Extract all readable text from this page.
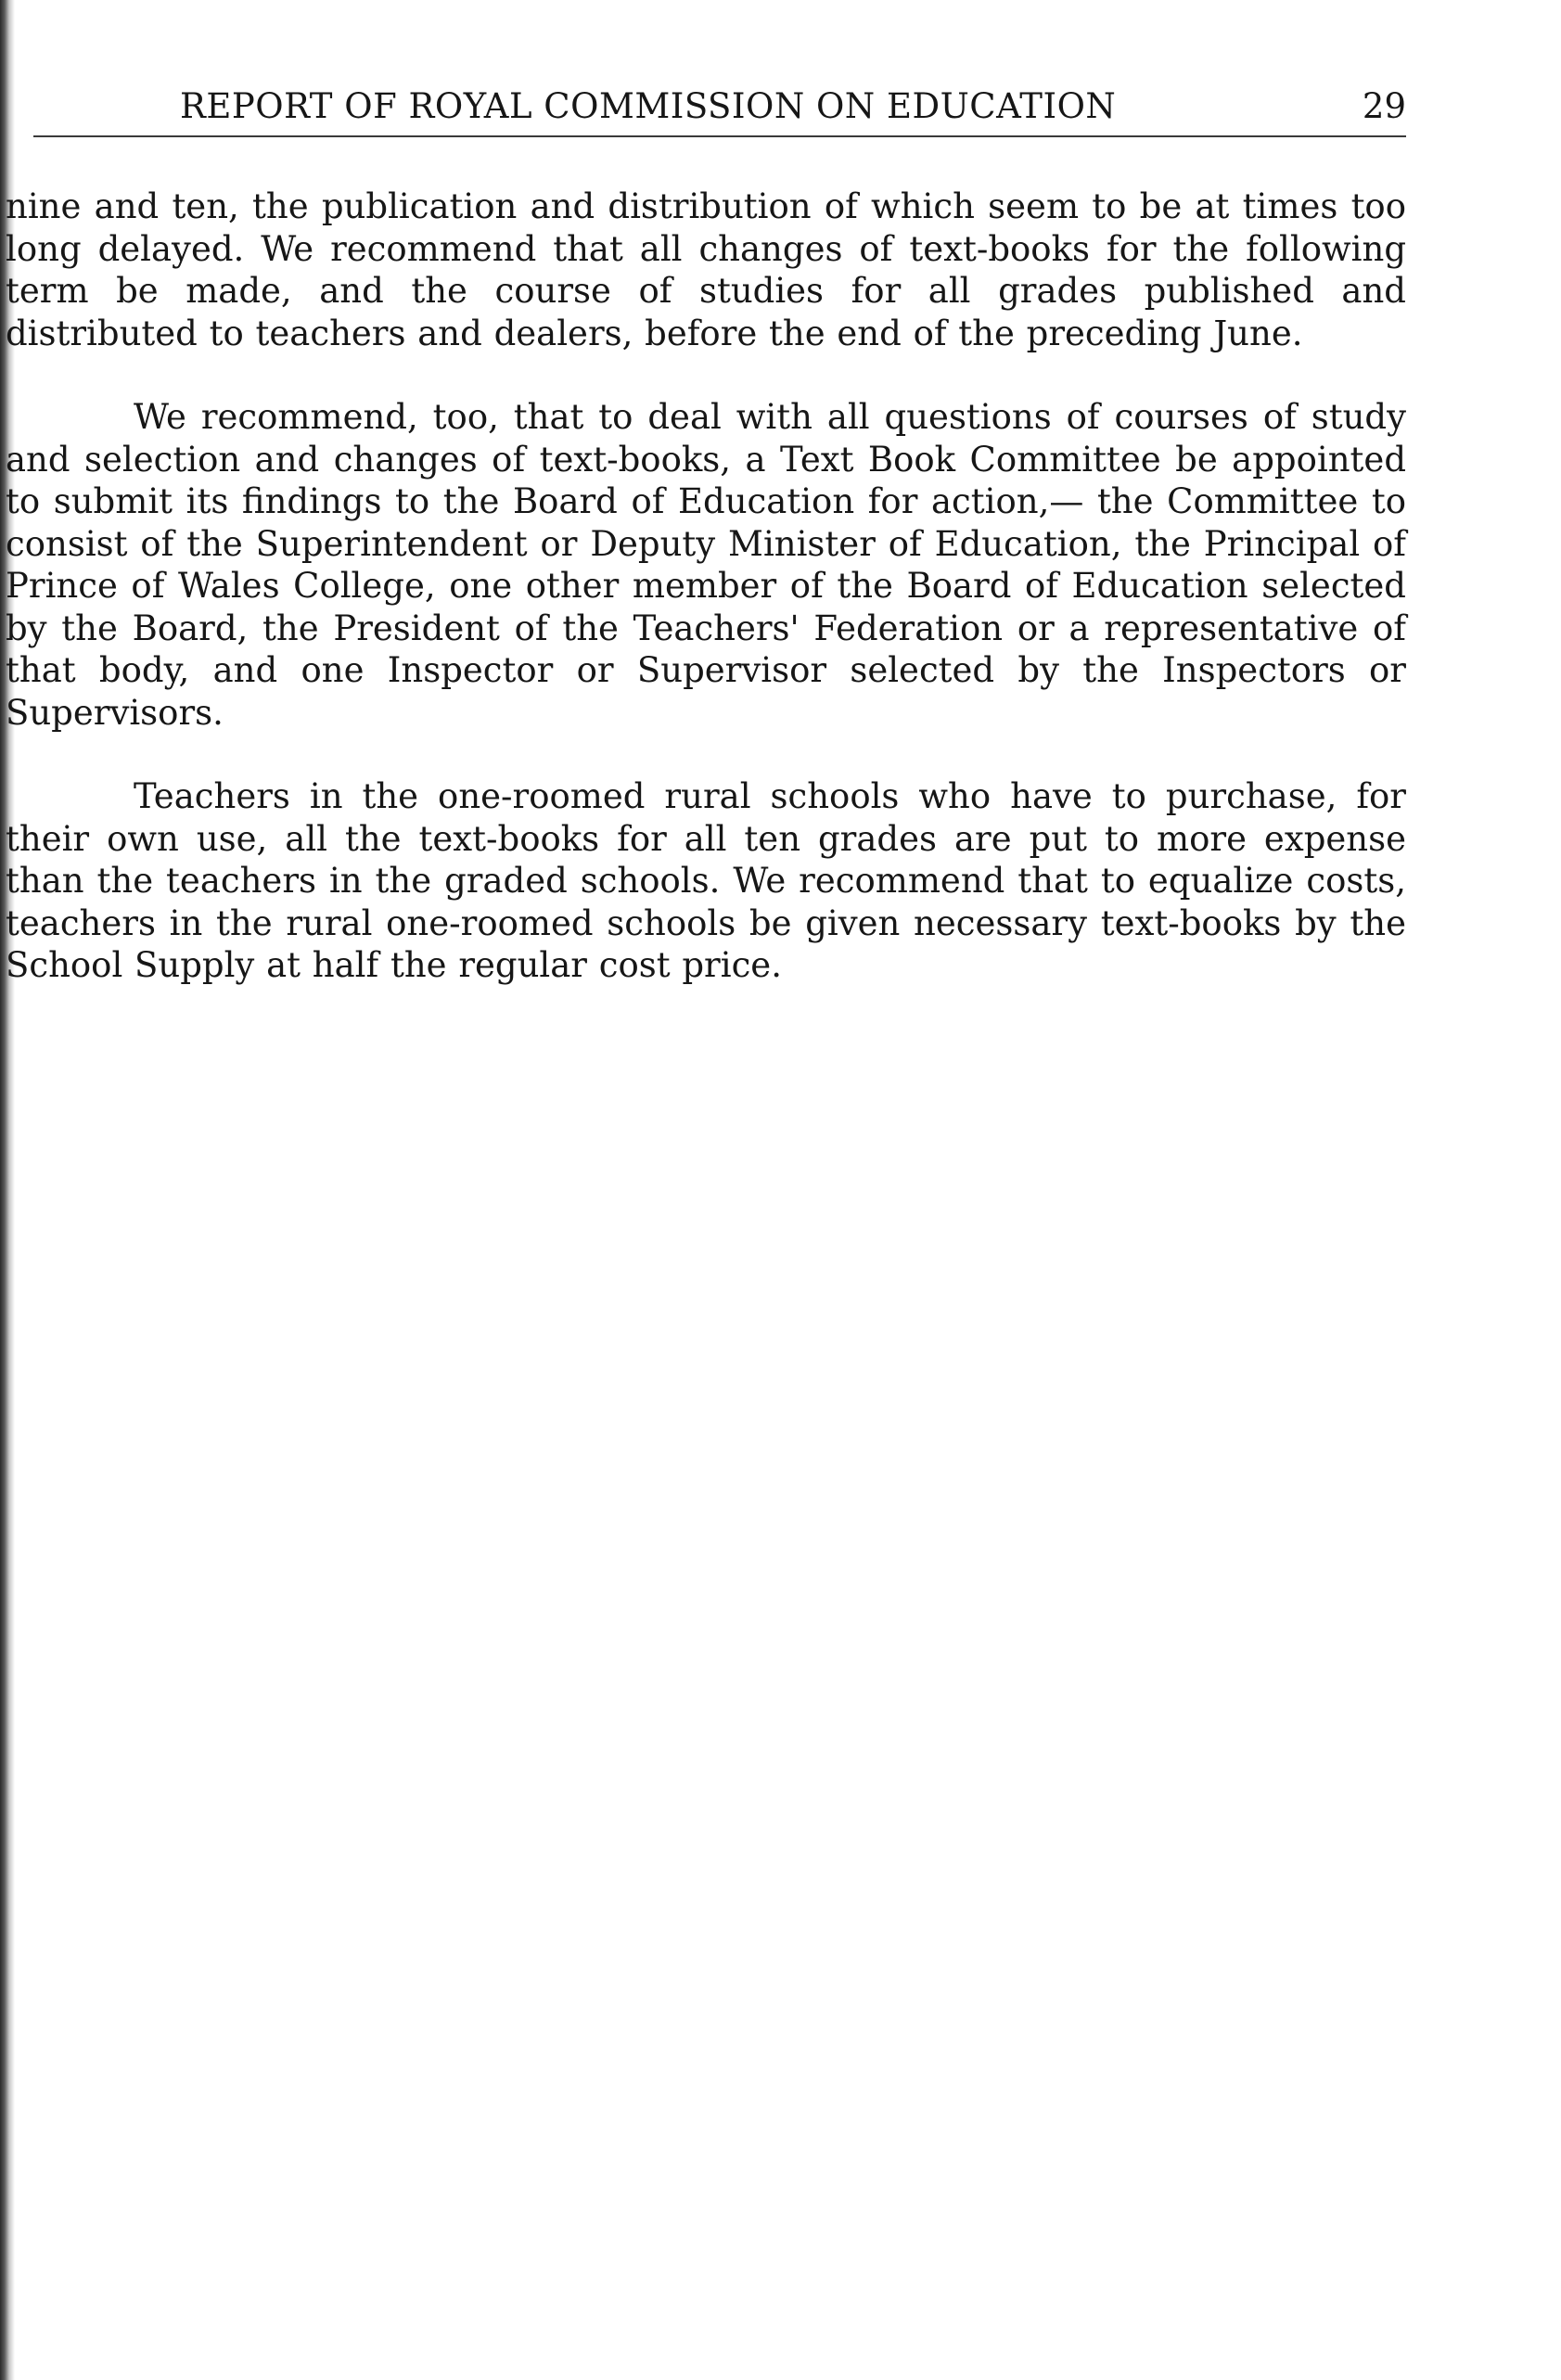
REPORT OF ROYAL COMMISSION ON EDUCATION	29

nine and ten, the publication and distribution of which seem to be at times too long delayed. We recommend that all changes of text-books for the following term be made, and the course of studies for all grades published and distributed to teachers and dealers, before the end of the preceding June.

We recommend, too, that to deal with all questions of courses of study and selection and changes of text-books, a Text Book Committee be appointed to submit its findings to the Board of Education for action,— the Committee to consist of the Superintendent or Deputy Minister of Education, the Principal of Prince of Wales College, one other member of the Board of Education selected by the Board, the President of the Teachers' Federation or a representative of that body, and one Inspector or Supervisor selected by the Inspectors or Supervisors.

Teachers in the one-roomed rural schools who have to purchase, for their own use, all the text-books for all ten grades are put to more expense than the teachers in the graded schools. We recommend that to equalize costs, teachers in the rural one-roomed schools be given necessary text-books by the School Supply at half the regular cost price.
